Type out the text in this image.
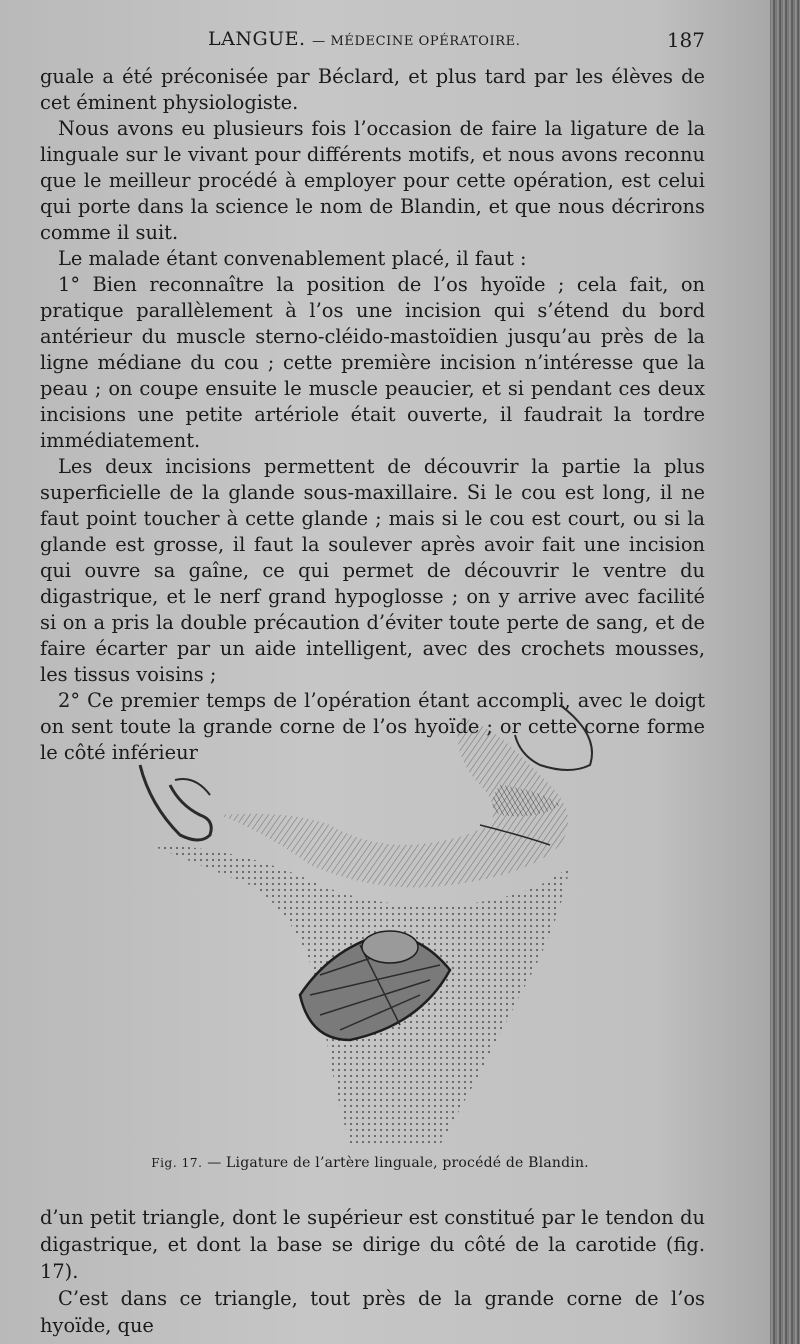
LANGUE. — MÉDECINE OPÉRATOIRE.	187

guale a été préconisée par Béclard, et plus tard par les élèves de cet éminent physiologiste.

Nous avons eu plusieurs fois l’occasion de faire la ligature de la linguale sur le vivant pour différents motifs, et nous avons reconnu que le meilleur procédé à employer pour cette opération, est celui qui porte dans la science le nom de Blandin, et que nous décrirons comme il suit.

Le malade étant convenablement placé, il faut :

1° Bien reconnaître la position de l’os hyoïde ; cela fait, on pratique parallèlement à l’os une incision qui s’étend du bord antérieur du muscle sterno-cléido-mastoïdien jusqu’au près de la ligne médiane du cou ; cette première incision n’intéresse que la peau ; on coupe ensuite le muscle peaucier, et si pendant ces deux incisions une petite artériole était ouverte, il faudrait la tordre immédiatement.

Les deux incisions permettent de découvrir la partie la plus superficielle de la glande sous-maxillaire. Si le cou est long, il ne faut point toucher à cette glande ; mais si le cou est court, ou si la glande est grosse, il faut la soulever après avoir fait une incision qui ouvre sa gaîne, ce qui permet de découvrir le ventre du digastrique, et le nerf grand hypoglosse ; on y arrive avec facilité si on a pris la double précaution d’éviter toute perte de sang, et de faire écarter par un aide intelligent, avec des crochets mousses, les tissus voisins ;

2° Ce premier temps de l’opération étant accompli, avec le doigt on sent toute la grande corne de l’os hyoïde ; or cette corne forme le côté inférieur

Fig. 17. — Ligature de l’artère linguale, procédé de Blandin.

d’un petit triangle, dont le supérieur est constitué par le tendon du digastrique, et dont la base se dirige du côté de la carotide (fig. 17).

C’est dans ce triangle, tout près de la grande corne de l’os hyoïde, que
